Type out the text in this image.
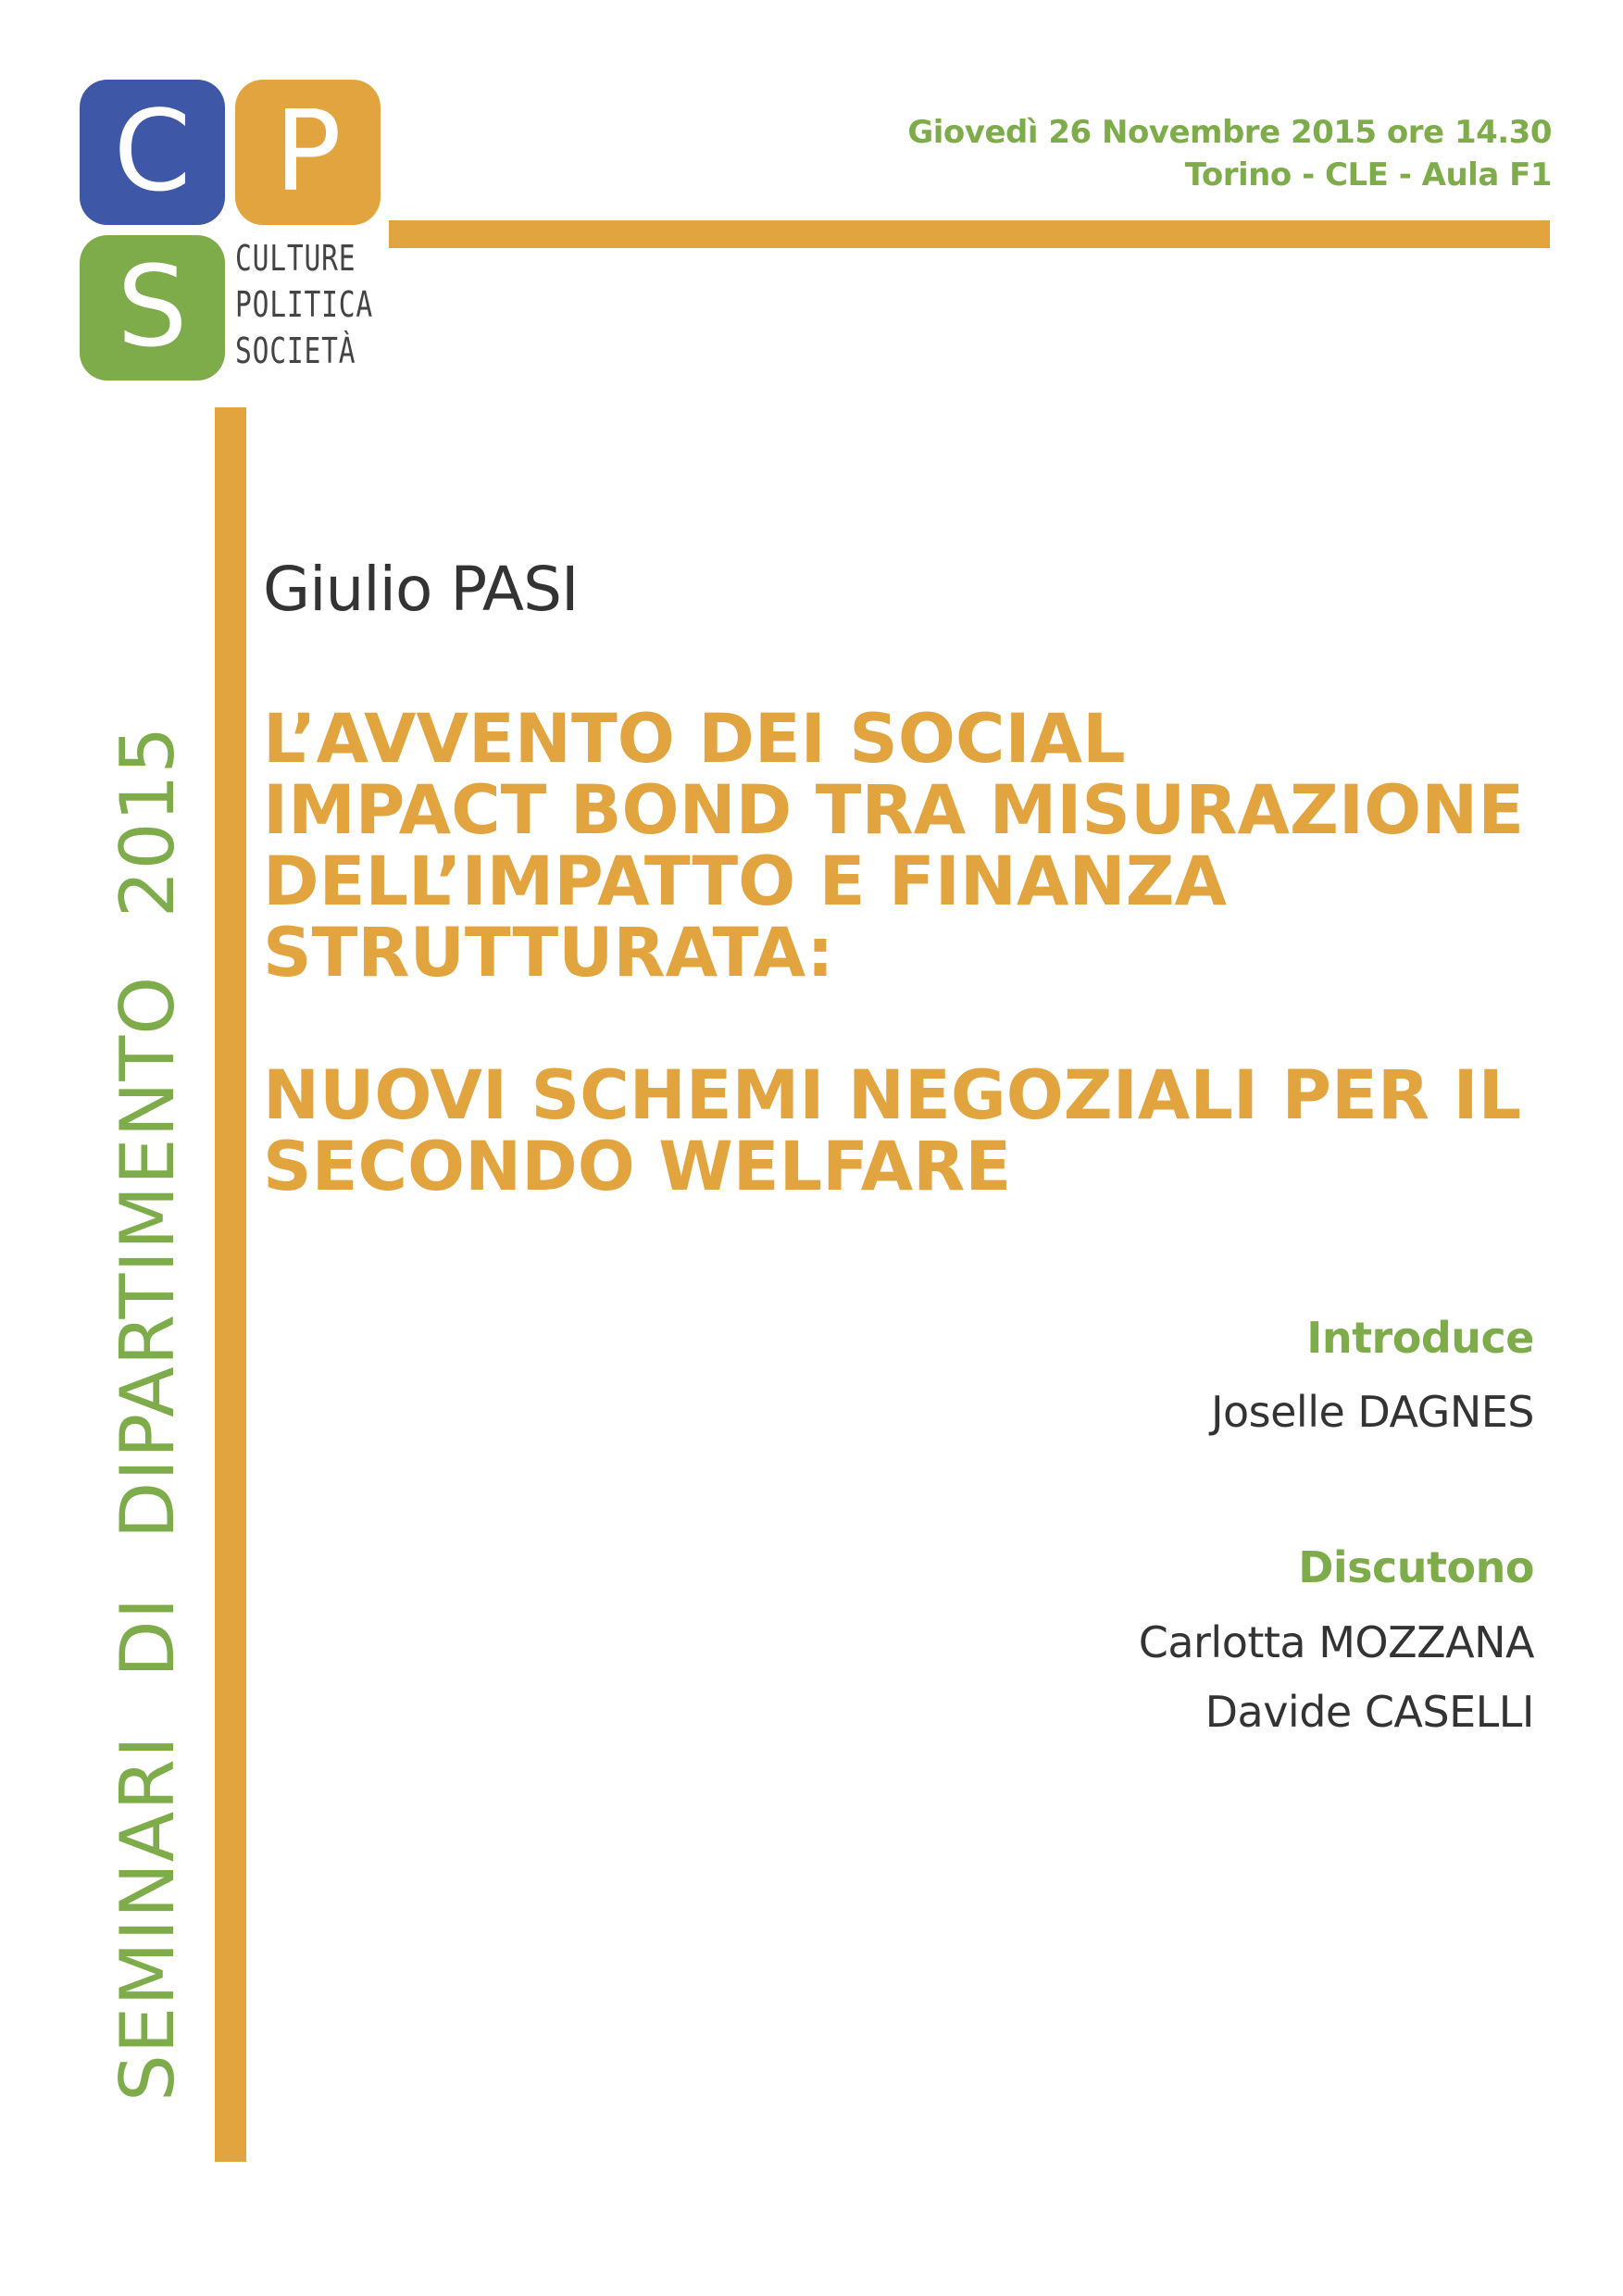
C P
S CULTURE
POLITICA
SOCIETÀ
Giovedì 26 Novembre 2015 ore 14.30
Torino - CLE - Aula F1
SEMINARI DI DIPARTIMENTO 2015
Giulio PASI
L’AVVENTO DEI SOCIAL
IMPACT BOND TRA MISURAZIONE
DELL’IMPATTO E FINANZA
STRUTTURATA:
NUOVI SCHEMI NEGOZIALI PER IL
SECONDO WELFARE
Introduce
Joselle DAGNES
Discutono
Carlotta MOZZANA
Davide CASELLI
